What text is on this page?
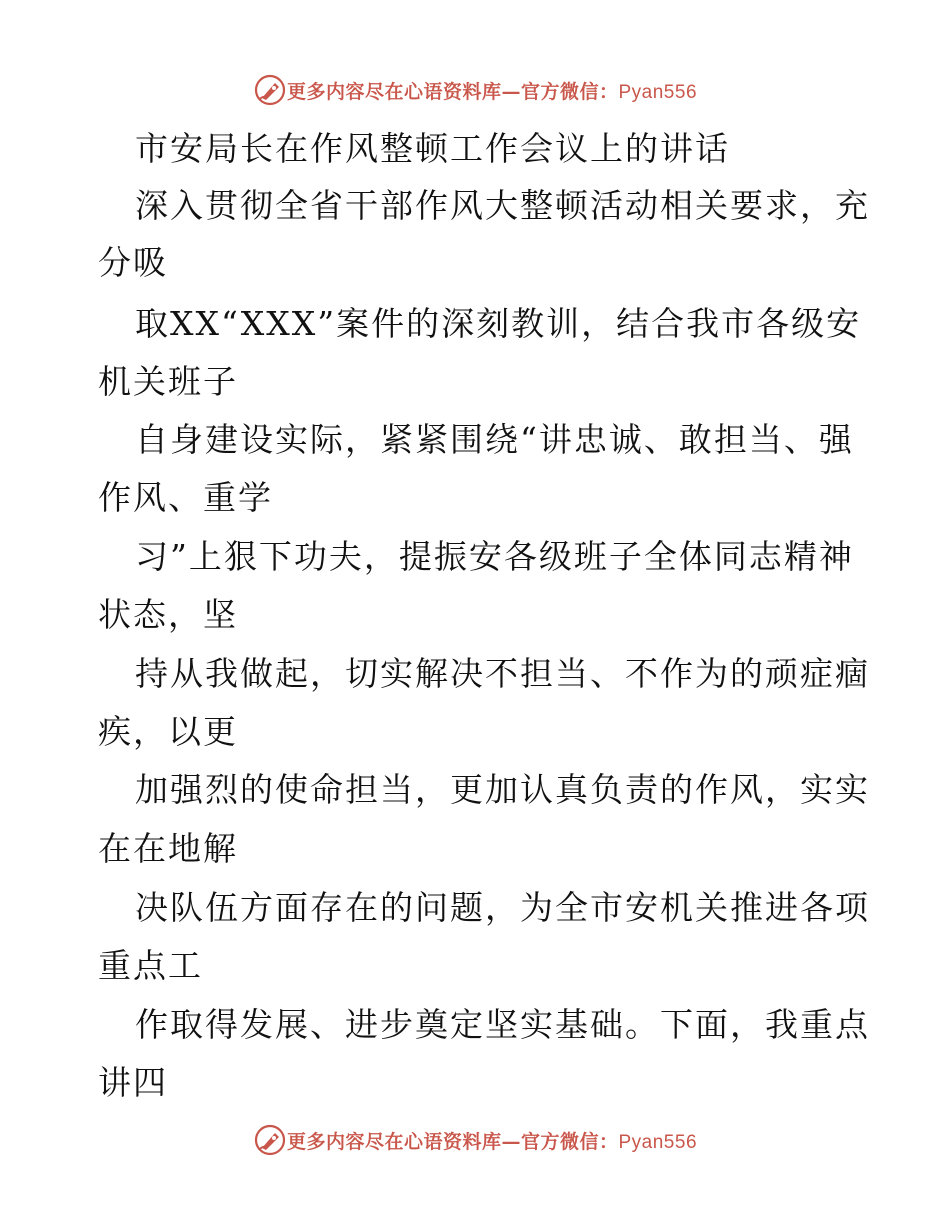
更多内容尽在心语资料库—官方微信：Pyan556
市安局长在作风整顿工作会议上的讲话
深入贯彻全省干部作风大整顿活动相关要求，充
分吸
取XX“XXX”案件的深刻教训，结合我市各级安
机关班子
自身建设实际，紧紧围绕“讲忠诚、敢担当、强
作风、重学
习”上狠下功夫，提振安各级班子全体同志精神
状态，坚
持从我做起，切实解决不担当、不作为的顽症痼
疾，以更
加强烈的使命担当，更加认真负责的作风，实实
在在地解
决队伍方面存在的问题，为全市安机关推进各项
重点工
作取得发展、进步奠定坚实基础。下面，我重点
讲四
更多内容尽在心语资料库—官方微信：Pyan556
